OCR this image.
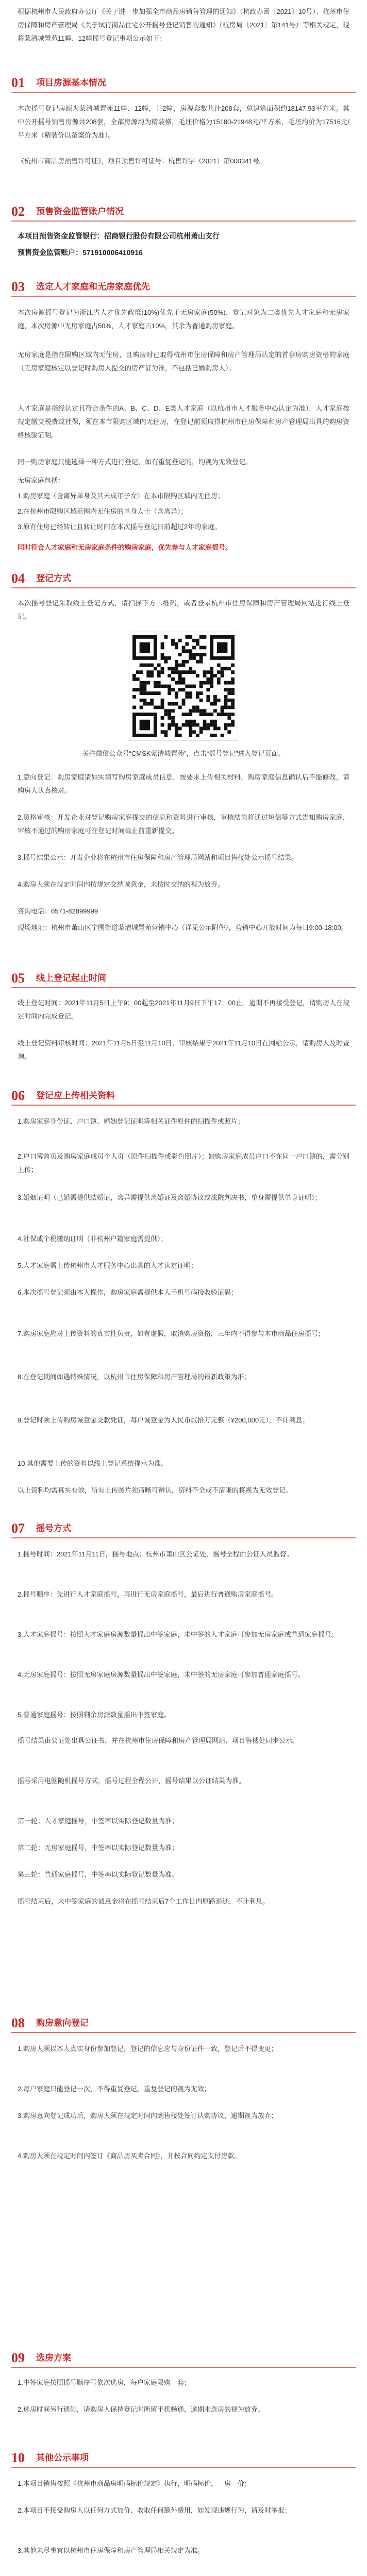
根据杭州市人民政府办公厅《关于进一步加强全市商品房销售管理的通知》（杭政办函〔2021〕10号）、杭州市住房保障和房产管理局《关于试行商品住宅公开摇号登记销售的通知》（杭房局〔2021〕第141号）等相关规定，现将蒙清城置苑11幢、12幢摇号登记事项公示如下：

01	项目房源基本情况

本次摇号登记房源为蒙清城置苑11幢、12幢，共2幢，房源套数共计208套，总建筑面积约18147.93平方米。其中公开摇号销售房源共208套，全部房源均为精装修，毛坯价格为15180-21948元/平方米，毛坯均价为17516元/平方米（精装价以备案价为准）。

《杭州市商品房预售许可证》，项目预售许可证号：杭售许字（2021）第000341号。

02	预售资金监管账户情况

本项目预售资金监管银行：招商银行股份有限公司杭州萧山支行

预售资金监管账户：571910006410916

03	选定人才家庭和无房家庭优先

本次房源摇号登记为浙江省人才优先政策(10%)优先于无房家庭(50%)，登记对象为二类优先人才家庭和无房家庭，本次房源中无房家庭占50%，人才家庭占10%，其余为普通购房家庭。

无房家庭是指在限购区域内无住房，且购房时已取得杭州市住房保障和房产管理局认定的首套房购房资格的家庭（无房家庭核定以登记时购房人提交的房产证为准，不包括已婚购房人）。

人才家庭是指经认定且符合条件的A、B、C、D、E类人才家庭（以杭州市人才服务中心认定为准），人才家庭按规定缴交税费或社保，须在本市限购区域内无住房，在登记前须取得杭州市住房保障和房产管理局出具的购房资格核验证明。

同一购房家庭只能选择一种方式进行登记，如有重复登记的，均视为无效登记。

无房家庭包括：

1.购房家庭（含离异单身及其未成年子女）在本市限购区域内无住房；

2.在杭州市限购区域范围内无住房的单身人士（含离异）；

3.原有住房已经转让且转让时间在本次摇号登记日前超过2年的家庭。

同时符合人才家庭和无房家庭条件的购房家庭，优先参与人才家庭摇号。

04	登记方式

本次摇号登记采取线上登记方式，请扫描下方二维码，或者登录杭州市住房保障和房产管理局网站进行线上登记。

关注微信公众号“CMSK蒙清城置苑”，点击“摇号登记”进入登记页面。

1.意向登记：购房家庭请如实填写购房家庭成员信息，按要求上传相关材料，购房家庭信息确认后不能修改，请购房人认真核对。

2.资格审核：开发企业对登记购房家庭提交的信息和资料进行审核，审核结果将通过短信等方式告知购房家庭，审核不通过的购房家庭可在登记时间截止前重新提交。

3.摇号结果公示：开发企业将在杭州市住房保障和房产管理局网站和项目售楼处公示摇号结果。

4.购房人须在规定时间内按规定交纳诚意金，未按时交纳的视为放弃。

咨询电话：0571-82899999

现场地址：杭州市萧山区宁围街道蒙清城置苑营销中心（详见公示附件），营销中心开放时间为每日9:00-18:00。

05	线上登记起止时间

线上登记时间：2021年11月5日上午9：00起至2021年11月9日下午17：00止。逾期不再接受登记，请购房人在规定时间内完成登记。

线上登记资料审核时间：2021年11月5日至11月10日，审核结果于2021年11月10日在网站公示，请购房人及时查询。

06	登记应上传相关资料

1.购房家庭身份证、户口簿、婚姻登记证明等相关证件原件的扫描件或照片；

2.户口簿首页及购房家庭成员个人页（原件扫描件或彩色照片）；如购房家庭成员户口不在同一户口簿的，需分别上传；

3.婚姻证明（已婚需提供结婚证，离异需提供离婚证及离婚协议或法院判决书，单身需提供单身证明）；

4.社保或个税缴纳证明（非杭州户籍家庭需提供）；

5.人才家庭需上传杭州市人才服务中心出具的人才认定证明；

6.本次摇号登记须由本人操作，购房家庭需提供本人手机号码接收验证码；

7.购房家庭应对上传资料的真实性负责，如有虚假，取消购房资格，三年内不得参与本市商品住房摇号；

8.在登记期间如遇特殊情况，以杭州市住房保障和房产管理局的最新政策为准；

9.登记时须上传购房诚意金交款凭证，每户诚意金为人民币贰拾万元整（¥200,000元），不计利息；

10.其他需要上传的资料以线上登记系统提示为准。

以上资料均需真实有效，所有上传图片须清晰可辨认，资料不全或不清晰的将视为无效登记。

07	摇号方式

1.摇号时间：2021年11月11日，摇号地点：杭州市萧山区公证处，摇号全程由公证人员监督。

2.摇号顺序：先进行人才家庭摇号，再进行无房家庭摇号，最后进行普通购房家庭摇号。

3.人才家庭摇号：按照人才家庭房源数量摇出中签家庭，未中签的人才家庭可参加无房家庭或普通家庭摇号。

4.无房家庭摇号：按照无房家庭房源数量摇出中签家庭，未中签的无房家庭可参加普通家庭摇号。

5.普通家庭摇号：按照剩余房源数量摇出中签家庭。

摇号结果由公证处出具公证书，并在杭州市住房保障和房产管理局网站、项目售楼处同步公示。

摇号采用电脑随机摇号方式，摇号过程全程公开，摇号结果以公证结果为准。

第一轮：人才家庭摇号，中签率以实际登记数量为准；

第二轮：无房家庭摇号，中签率以实际登记数量为准；

第三轮：普通家庭摇号，中签率以实际登记数量为准。

摇号结束后，未中签家庭的诚意金将在摇号结束后7个工作日内原路退还，不计利息。

08	购房意向登记

1.购房人须以本人真实身份参加登记，登记的信息应与身份证件一致，登记后不得变更；

2.每户家庭只能登记一次，不得重复登记，重复登记的视为无效；

3.购房意向登记成功后，购房人须在规定时间内到售楼处签订认购协议，逾期视为放弃；

4.购房人须在规定时间内签订《商品房买卖合同》，并按合同约定支付房款。

09	选房方案

1.中签家庭按照摇号顺序号依次选房，每户家庭限购一套；

2.选房时间另行通知，请购房人保持登记时所留手机畅通，逾期未选房的视为放弃。

10	其他公示事项

1.本项目销售按照《杭州市商品房明码标价规定》执行，明码标价，一房一价；

2.本项目不接受购房人以任何方式加价、收取任何额外费用，如发现违规行为，请及时举报；

3.其他未尽事宜以杭州市住房保障和房产管理局相关规定为准。
